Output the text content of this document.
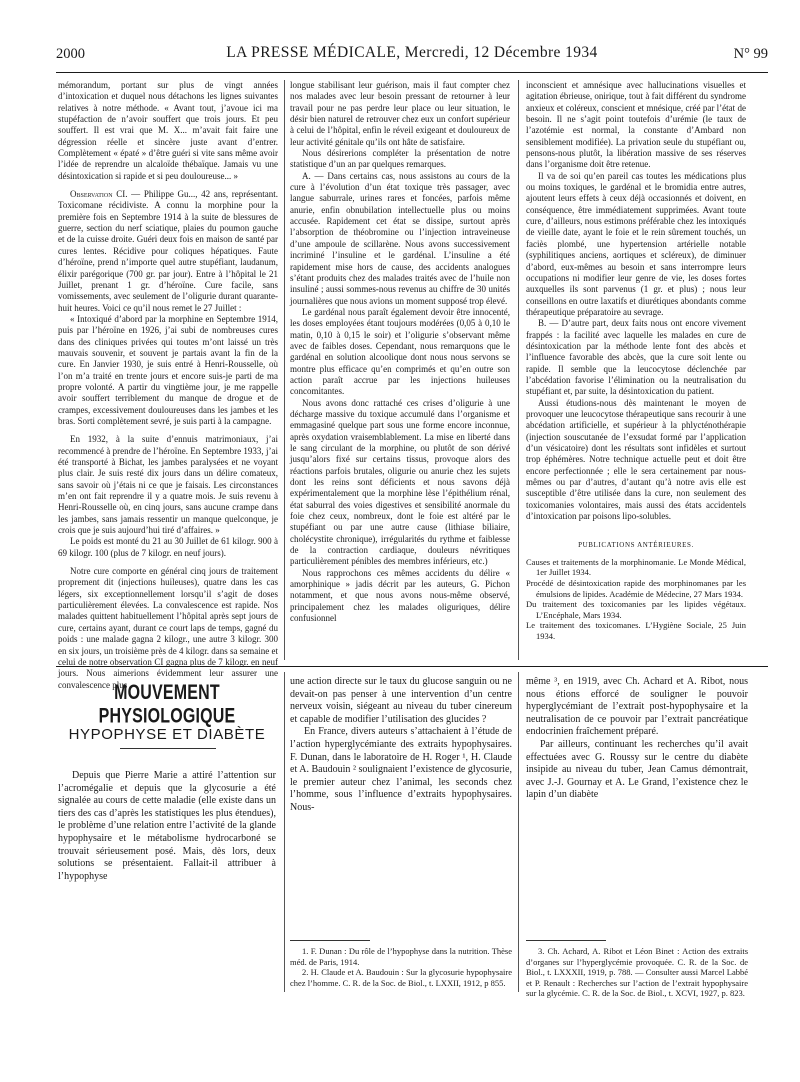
2000	LA PRESSE MÉDICALE, Mercredi, 12 Décembre 1934	N° 99

mémorandum, portant sur plus de vingt années d’intoxication et duquel nous détachons les lignes suivantes relatives à notre méthode. « Avant tout, j’avoue ici ma stupéfaction de n’avoir souffert que trois jours. Et peu souffert. Il est vrai que M. X... m’avait fait faire une dégression réelle et sincère juste avant d’entrer. Complètement « épaté » d’être guéri si vite sans même avoir l’idée de reprendre un alcaloïde thébaïque. Jamais vu une désintoxication si rapide et si peu douloureuse... »

Observation CI. — Philippe Gu..., 42 ans, représentant. Toxicomane récidiviste. A connu la morphine pour la première fois en Septembre 1914 à la suite de blessures de guerre, section du nerf sciatique, plaies du poumon gauche et de la cuisse droite. Guéri deux fois en maison de santé par cures lentes. Récidive pour coliques hépatiques. Faute d’héroïne, prend n’importe quel autre stupéfiant, laudanum, élixir parégorique (700 gr. par jour). Entre à l’hôpital le 21 Juillet, prenant 1 gr. d’héroïne. Cure facile, sans vomissements, avec seulement de l’oligurie durant quarante-huit heures. Voici ce qu’il nous remet le 27 Juillet :

« Intoxiqué d’abord par la morphine en Septembre 1914, puis par l’héroïne en 1926, j’ai subi de nombreuses cures dans des cliniques privées qui toutes m’ont laissé un très mauvais souvenir, et souvent je partais avant la fin de la cure. En Janvier 1930, je suis entré à Henri-Rousselle, où l’on m’a traité en trente jours et encore suis-je parti de ma propre volonté. A partir du vingtième jour, je me rappelle avoir souffert terriblement du manque de drogue et de crampes, excessivement douloureuses dans les jambes et les bras. Sorti complètement sevré, je suis parti à la campagne.

En 1932, à la suite d’ennuis matrimoniaux, j’ai recommencé à prendre de l’héroïne. En Septembre 1933, j’ai été transporté à Bichat, les jambes paralysées et ne voyant plus clair. Je suis resté dix jours dans un délire comateux, sans savoir où j’étais ni ce que je faisais. Les circonstances m’en ont fait reprendre il y a quatre mois. Je suis revenu à Henri-Rousselle où, en cinq jours, sans aucune crampe dans les jambes, sans jamais ressentir un manque quelconque, je crois que je suis aujourd’hui tiré d’affaires. »

Le poids est monté du 21 au 30 Juillet de 61 kilogr. 900 à 69 kilogr. 100 (plus de 7 kilogr. en neuf jours).

Notre cure comporte en général cinq jours de traitement proprement dit (injections huileuses), quatre dans les cas légers, six exceptionnellement lorsqu’il s’agit de doses particulièrement élevées. La convalescence est rapide. Nos malades quittent habituellement l’hôpital après sept jours de cure, certains ayant, durant ce court laps de temps, gagné du poids : une malade gagna 2 kilogr., une autre 3 kilogr. 300 en six jours, un troisième près de 4 kilogr. dans sa semaine et celui de notre observation CI gagna plus de 7 kilogr. en neuf jours. Nous aimerions évidemment leur assurer une convalescence plus

longue stabilisant leur guérison, mais il faut compter chez nos malades avec leur besoin pressant de retourner à leur travail pour ne pas perdre leur place ou leur situation, le désir bien naturel de retrouver chez eux un confort supérieur à celui de l’hôpital, enfin le réveil exigeant et douloureux de leur activité génitale qu’ils ont hâte de satisfaire.

Nous désirerions compléter la présentation de notre statistique d’un an par quelques remarques.

A. — Dans certains cas, nous assistons au cours de la cure à l’évolution d’un état toxique très passager, avec langue saburrale, urines rares et foncées, parfois même anurie, enfin obnubilation intellectuelle plus ou moins accusée. Rapidement cet état se dissipe, surtout après l’absorption de théobromine ou l’injection intraveineuse d’une ampoule de scillarène. Nous avons successivement incriminé l’insuline et le gardénal. L’insuline a été rapidement mise hors de cause, des accidents analogues s’étant produits chez des malades traités avec de l’huile non insuliné ; aussi sommes-nous revenus au chiffre de 30 unités journalières que nous avions un moment supposé trop élevé.

Le gardénal nous paraît également devoir être innocenté, les doses employées étant toujours modérées (0,05 à 0,10 le matin, 0,10 à 0,15 le soir) et l’oligurie s’observant même avec de faibles doses. Cependant, nous remarquons que le gardénal en solution alcoolique dont nous nous servons se montre plus efficace qu’en comprimés et qu’en outre son action paraît accrue par les injections huileuses concomitantes.

Nous avons donc rattaché ces crises d’oligurie à une décharge massive du toxique accumulé dans l’organisme et emmagasiné quelque part sous une forme encore inconnue, après oxydation vraisemblablement. La mise en liberté dans le sang circulant de la morphine, ou plutôt de son dérivé jusqu’alors fixé sur certains tissus, provoque alors des réactions parfois brutales, oligurie ou anurie chez les sujets dont les reins sont déficients et nous savons déjà expérimentalement que la morphine lèse l’épithélium rénal, état saburral des voies digestives et sensibilité anormale du foie chez ceux, nombreux, dont le foie est altéré par le stupéfiant ou par une autre cause (lithiase biliaire, cholécystite chronique), irrégularités du rythme et faiblesse de la contraction cardiaque, douleurs névritiques particulièrement pénibles des membres inférieurs, etc.)

Nous rapprochons ces mêmes accidents du délire « amorphinique » jadis décrit par les auteurs, G. Pichon notamment, et que nous avons nous-même observé, principalement chez les malades oliguriques, délire confusionnel

inconscient et amnésique avec hallucinations visuelles et agitation ébrieuse, onirique, tout à fait différent du syndrome anxieux et coléreux, conscient et mnésique, créé par l’état de besoin. Il ne s’agit point toutefois d’urémie (le taux de l’azotémie est normal, la constante d’Ambard non sensiblement modifiée). La privation seule du stupéfiant ou, pensons-nous plutôt, la libération massive de ses réserves dans l’organisme doit être retenue.

Il va de soi qu’en pareil cas toutes les médications plus ou moins toxiques, le gardénal et le bromidia entre autres, ajoutent leurs effets à ceux déjà occasionnés et doivent, en conséquence, être immédiatement supprimées. Avant toute cure, d’ailleurs, nous estimons préférable chez les intoxiqués de vieille date, ayant le foie et le rein sûrement touchés, un faciès plombé, une hypertension artérielle notable (syphilitiques anciens, aortiques et scléreux), de diminuer d’abord, eux-mêmes au besoin et sans interrompre leurs occupations ni modifier leur genre de vie, les doses fortes auxquelles ils sont parvenus (1 gr. et plus) ; nous leur conseillons en outre laxatifs et diurétiques abondants comme thérapeutique préparatoire au sevrage.

B. — D’autre part, deux faits nous ont encore vivement frappés : la facilité avec laquelle les malades en cure de désintoxication par la méthode lente font des abcès et l’influence favorable des abcès, que la cure soit lente ou rapide. Il semble que la leucocytose déclenchée par l’abcédation favorise l’élimination ou la neutralisation du stupéfiant et, par suite, la désintoxication du patient.

Aussi étudions-nous dès maintenant le moyen de provoquer une leucocytose thérapeutique sans recourir à une abcédation artificielle, et supérieur à la phlycténothérapie (injection souscutanée de l’exsudat formé par l’application d’un vésicatoire) dont les résultats sont infidèles et surtout trop éphémères. Notre technique actuelle peut et doit être encore perfectionnée ; elle le sera certainement par nous-mêmes ou par d’autres, d’autant qu’à notre avis elle est susceptible d’être utilisée dans la cure, non seulement des toxicomanies volontaires, mais aussi des états accidentels d’intoxication par poisons lipo-solubles.

PUBLICATIONS ANTÉRIEURES.

Causes et traitements de la morphinomanie. Le Monde Médical, 1er Juillet 1934.

Procédé de désintoxication rapide des morphinomanes par les émulsions de lipides. Académie de Médecine, 27 Mars 1934.

Du traitement des toxicomanies par les lipides végétaux. L’Encéphale, Mars 1934.

Le traitement des toxicomanes. L’Hygiène Sociale, 25 Juin 1934.

MOUVEMENT PHYSIOLOGIQUE
HYPOPHYSE ET DIABÈTE

Depuis que Pierre Marie a attiré l’attention sur l’acromégalie et depuis que la glycosurie a été signalée au cours de cette maladie (elle existe dans un tiers des cas d’après les statistiques les plus étendues), le problème d’une relation entre l’activité de la glande hypophysaire et le métabolisme hydrocarboné se trouvait sérieusement posé. Mais, dès lors, deux solutions se présentaient. Fallait-il attribuer à l’hypophyse

une action directe sur le taux du glucose sanguin ou ne devait-on pas penser à une intervention d’un centre nerveux voisin, siégeant au niveau du tuber cinereum et capable de modifier l’utilisation des glucides ?

En France, divers auteurs s’attachaient à l’étude de l’action hyperglycémiante des extraits hypophysaires. F. Dunan, dans le laboratoire de H. Roger ¹, H. Claude et A. Baudouin ² soulignaient l’existence de glycosurie, le premier auteur chez l’animal, les seconds chez l’homme, sous l’influence d’extraits hypophysaires. Nous-

même ³, en 1919, avec Ch. Achard et A. Ribot, nous nous étions efforcé de souligner le pouvoir hyperglycémiant de l’extrait post-hypophysaire et la neutralisation de ce pouvoir par l’extrait pancréatique endocrinien fraîchement préparé.

Par ailleurs, continuant les recherches qu’il avait effectuées avec G. Roussy sur le centre du diabète insipide au niveau du tuber, Jean Camus démontrait, avec J.-J. Gournay et A. Le Grand, l’existence chez le lapin d’un diabète

1. F. Dunan : Du rôle de l’hypophyse dans la nutrition. Thèse méd. de Paris, 1914.

2. H. Claude et A. Baudouin : Sur la glycosurie hypophysaire chez l’homme. C. R. de la Soc. de Biol., t. LXXII, 1912, p 855.

3. Ch. Achard, A. Ribot et Léon Binet : Action des extraits d’organes sur l’hyperglycémie provoquée. C. R. de la Soc. de Biol., t. LXXXII, 1919, p. 788. — Consulter aussi Marcel Labbé et P. Renault : Recherches sur l’action de l’extrait hypophysaire sur la glycémie. C. R. de la Soc. de Biol., t. XCVI, 1927, p. 823.
